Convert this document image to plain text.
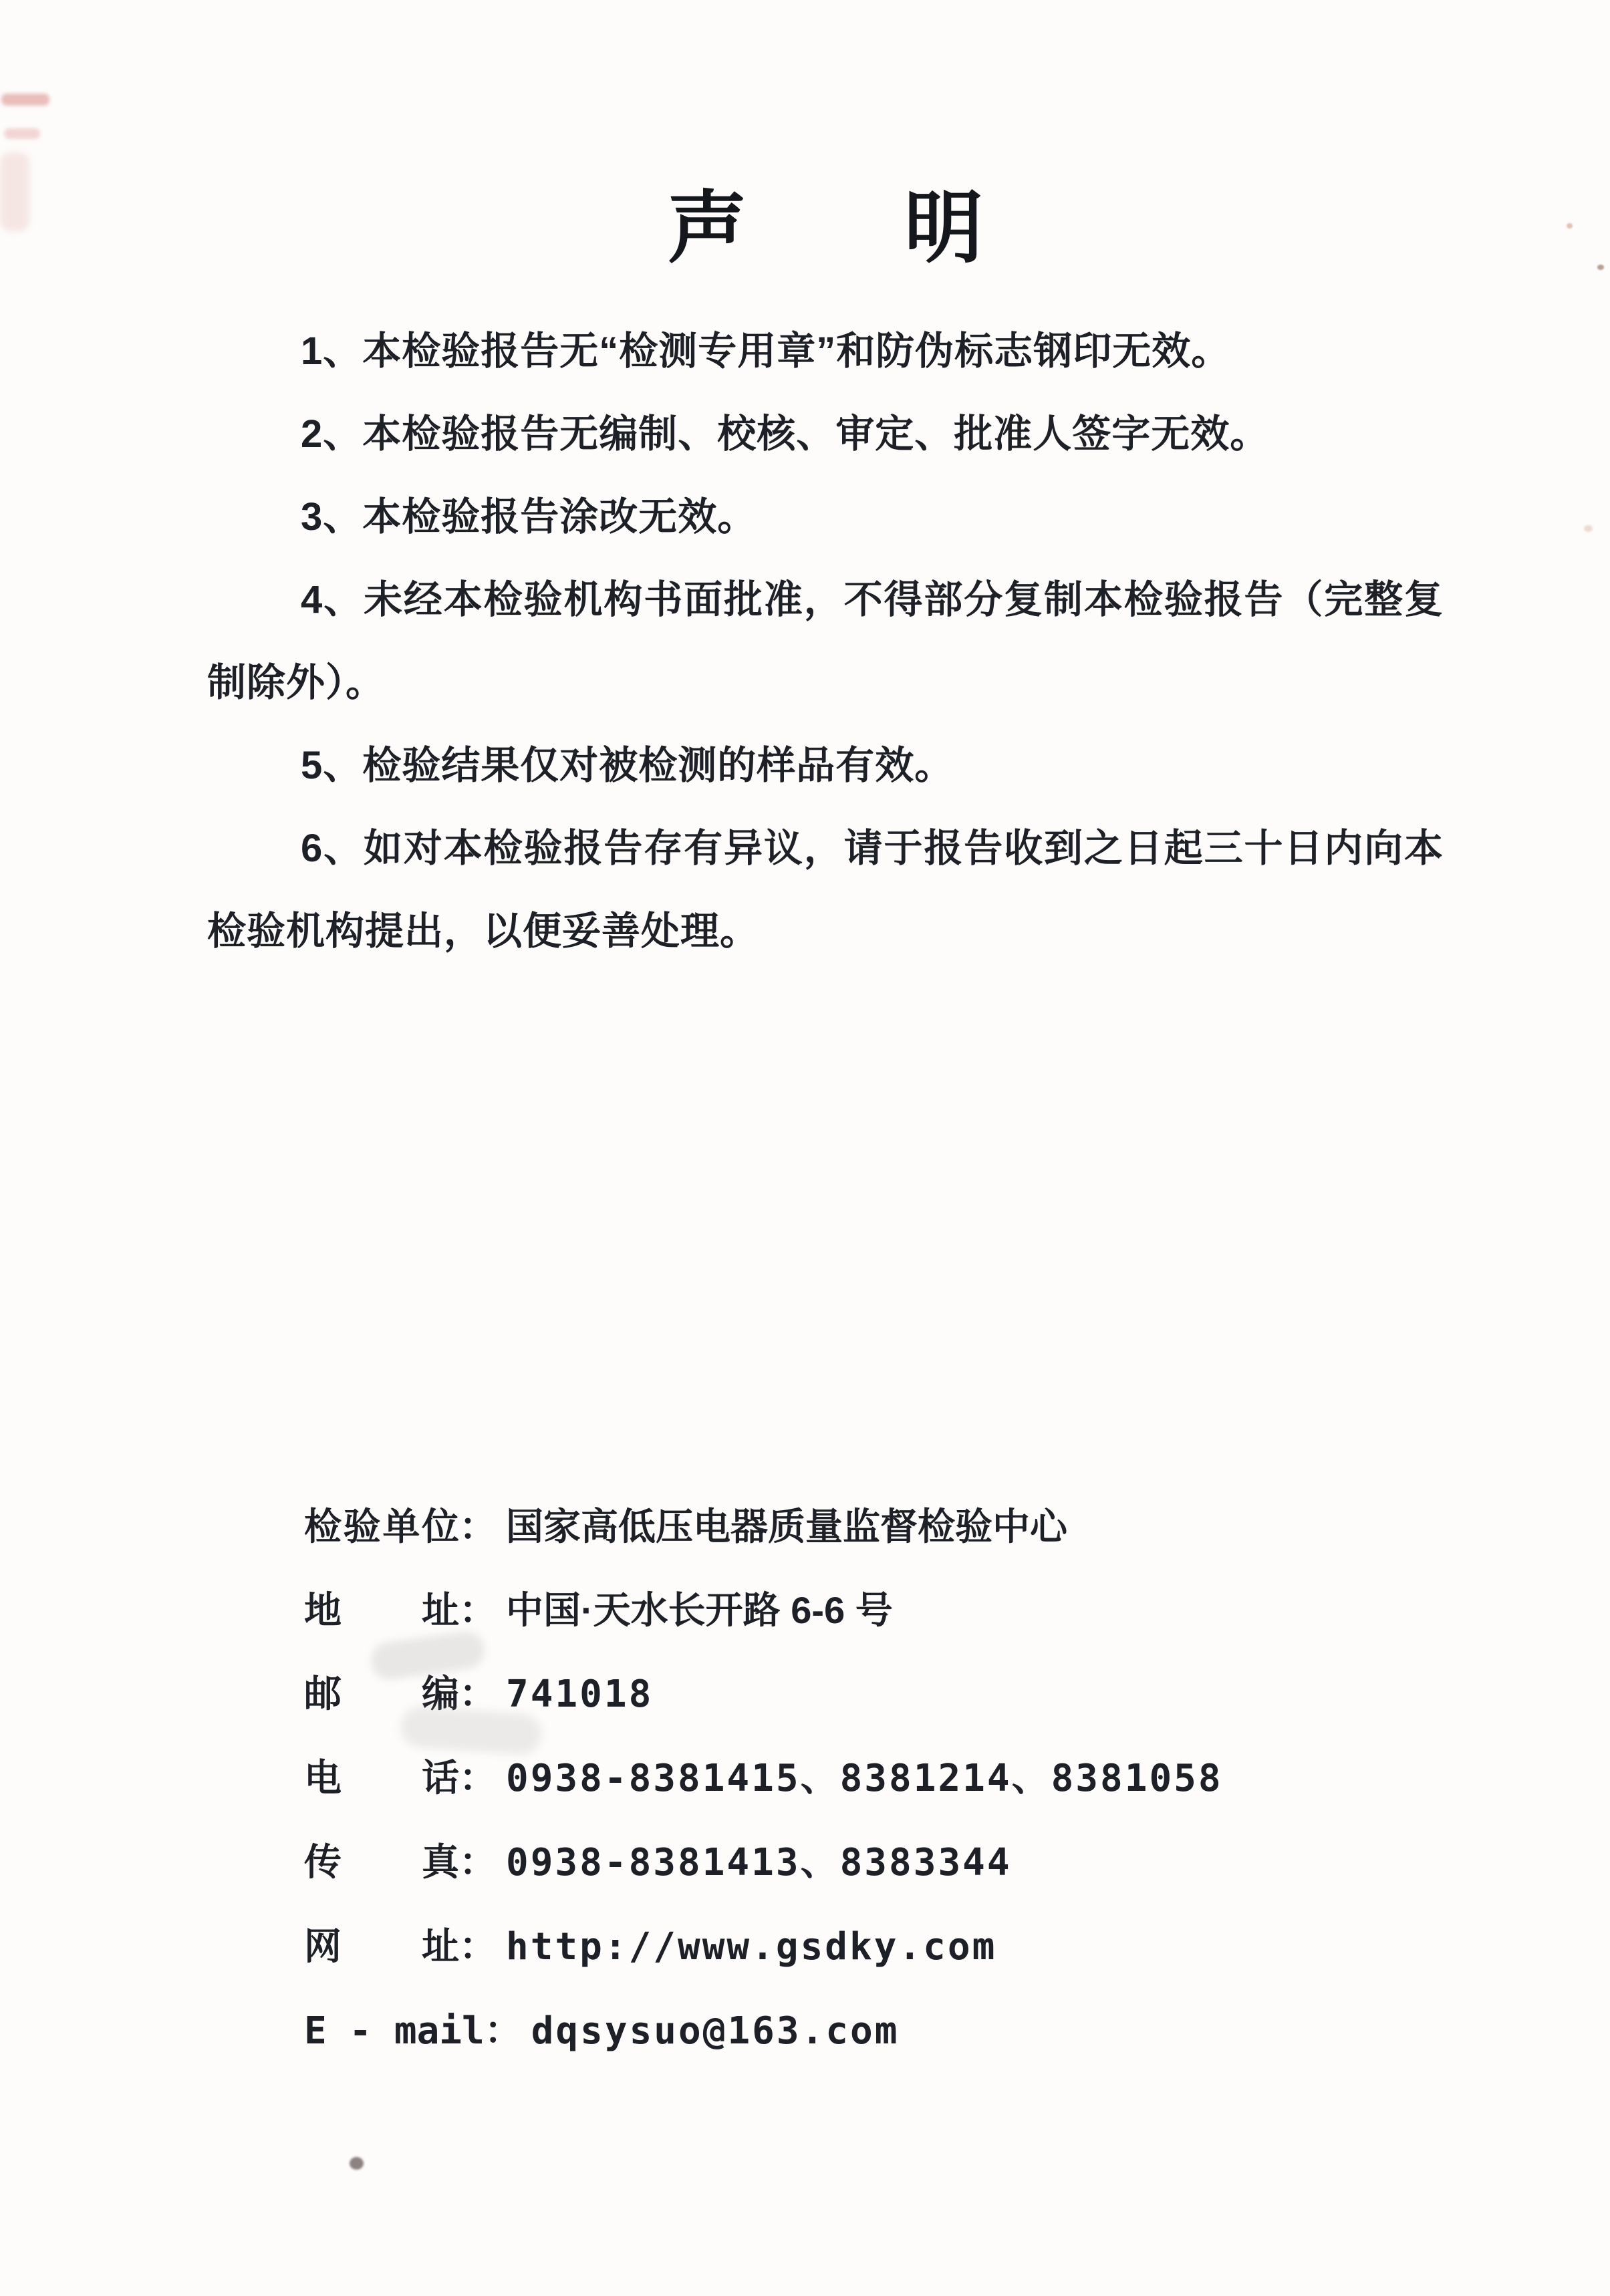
声　　明

1、本检验报告无“检测专用章”和防伪标志钢印无效。

2、本检验报告无编制、校核、审定、批准人签字无效。

3、本检验报告涂改无效。

4、未经本检验机构书面批准，不得部分复制本检验报告（完整复制除外）。

5、检验结果仅对被检测的样品有效。

6、如对本检验报告存有异议，请于报告收到之日起三十日内向本检验机构提出，以便妥善处理。

检验单位： 国家高低压电器质量监督检验中心
地址： 中国·天水长开路 6-6 号
邮编： 741018
电话： 0938-8381415、8381214、8381058
传真： 0938-8381413、8383344
网址： http://www.gsdky.com
E - mail： dqsysuo@163.com
